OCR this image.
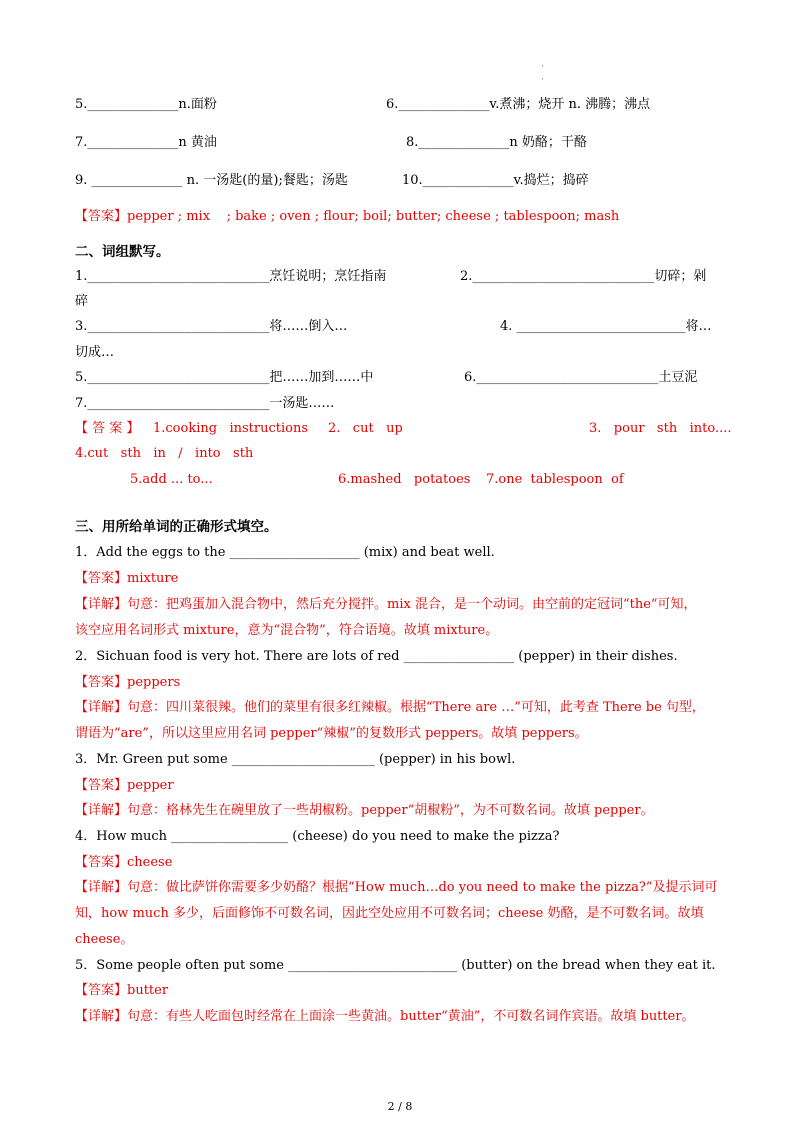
·
·
5.______________n.面粉	6.______________v.煮沸；烧开 n. 沸腾；沸点
7.______________n 黄油	8.______________n 奶酪；干酪
9. ______________ n. 一汤匙(的量);餐匙；汤匙	10.______________v.捣烂；捣碎
【答案】pepper ; mix    ; bake ; oven ; flour; boil; butter; cheese ; tablespoon; mash
二、词组默写。
1.____________________________烹饪说明；烹饪指南	2.____________________________切碎；剁
碎
3.____________________________将……倒入…	4. __________________________将…
切成…
5.____________________________把……加到……中	6.____________________________土豆泥
7.____________________________一汤匙……
【 答 案 】 1.cooking   instructions 2.   cut   up	3.   pour   sth   into....
4.cut   sth   in   /   into   sth
5.add ... to...	6.mashed   potatoes 7.one  tablespoon  of
三、用所给单词的正确形式填空。
1．Add the eggs to the ____________________ (mix) and beat well.
【答案】mixture
【详解】句意：把鸡蛋加入混合物中，然后充分搅拌。mix 混合，是一个动词。由空前的定冠词“the”可知，
该空应用名词形式 mixture，意为“混合物”，符合语境。故填 mixture。
2．Sichuan food is very hot. There are lots of red _________________ (pepper) in their dishes.
【答案】peppers
【详解】句意：四川菜很辣。他们的菜里有很多红辣椒。根据“There are …”可知，此考查 There be 句型，
谓语为“are”，所以这里应用名词 pepper“辣椒”的复数形式 peppers。故填 peppers。
3．Mr. Green put some ______________________ (pepper) in his bowl.
【答案】pepper
【详解】句意：格林先生在碗里放了一些胡椒粉。pepper“胡椒粉”，为不可数名词。故填 pepper。
4．How much __________________ (cheese) do you need to make the pizza?
【答案】cheese
【详解】句意：做比萨饼你需要多少奶酪？根据“How much…do you need to make the pizza?”及提示词可
知，how much 多少，后面修饰不可数名词，因此空处应用不可数名词；cheese 奶酪，是不可数名词。故填
cheese。
5．Some people often put some __________________________ (butter) on the bread when they eat it.
【答案】butter
【详解】句意：有些人吃面包时经常在上面涂一些黄油。butter“黄油”，不可数名词作宾语。故填 butter。
2 / 8
